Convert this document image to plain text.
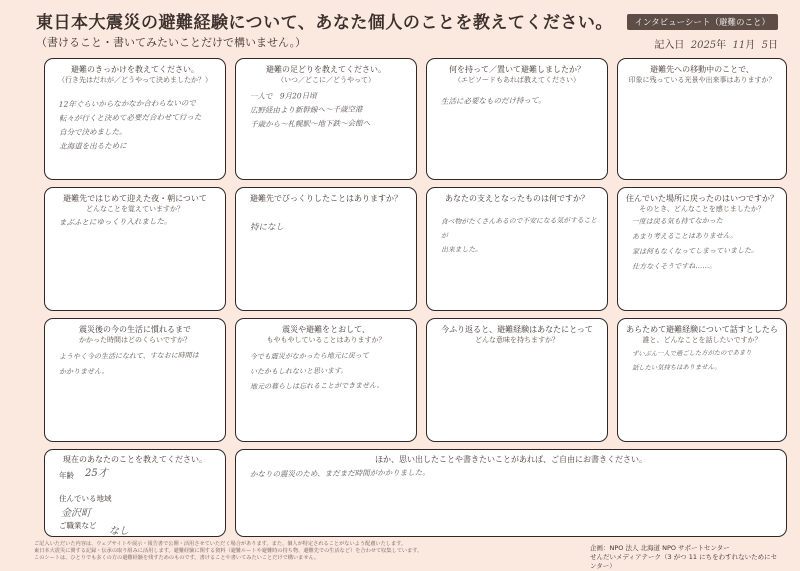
東日本大震災の避難経験について、あなた個人のことを教えてください。
（書けること・書いてみたいことだけで構いません。）
インタビューシート（避難のこと）
記入日 2025年 11月 5日
避難のきっかけを教えてください。
（行き先はだれが／どうやって決めましたか？）
12年ぐらいからなかなか合わらないので
転々が行くと決めて必要だ合わせて行った
自分で決めました。
北海道を出るために
避難の足どりを教えてください。
（いつ／どこに／どうやって）
一人で　9月20日頃
広野経由より新幹線へ〜千歳空港
千歳から〜札幌駅〜地下鉄〜会館へ
何を持って／置いて避難しましたか？
（エピソードもあれば教えてください）
生活に必要なものだけ持って。
避難先への移動中のことで、
印象に残っている光景や出来事はありますか？
避難先ではじめて迎えた夜・朝について
どんなことを覚えていますか？
まぶふとにゆっくり入れました。
避難先でびっくりしたことはありますか？
特になし
あなたの支えとなったものは何ですか？
食べ物がたくさんあるので不安になる気がすることが
出来ました。
住んでいた場所に戻ったのはいつですか？
そのとき、どんなことを感じましたか？
一度は戻る気も持てなかった
あまり考えることはありません。
家は何もなくなってしまっていました。
仕方なくそうですね……。
震災後の今の生活に慣れるまで
かかった時間はどのくらいですか？
ようやく今の生活になれて、すなおに時間は
かかりません。
震災や避難をとおして、
もやもやしていることはありますか？
今でも震災がなかったら地元に戻って
いたかもしれないと思います。
地元の暮らしは忘れることができません。
今ふり返ると、避難経験はあなたにとって
どんな意味を持ちますか？
あらためて避難経験について話すとしたら
誰と、どんなことを話したいですか？
ずいぶん一人で過ごした方がたのであまり
話したい気持ちはありません。
現在のあなたのことを教えてください。
年齢 25才
住んでいる地域
金沢町
ご職業など
なし
ほか、思い出したことや書きたいことがあれば、ご自由にお書きください。
かなりの震災のため、まだまだ時間がかかりました。
ご記入いただいた内容は、ウェブサイトや展示・報告書で公開・活用させていただく場合があります。また、個人が特定されることがないよう配慮いたします。
東日本大震災に関する記録・伝承の取り組みに活用します。避難経験に関する資料（避難ルートや避難時の持ち物、避難先での生活など）を合わせて収集しています。
このシートは、ひとりでも多くの方の避難経験を残すためのものです。書けることや書いてみたいことだけで構いません。
企画：NPO 法人 北海道 NPO サポートセンター
せんだいメディアテーク（3 がつ 11 にちをわすれないためにセンター）
